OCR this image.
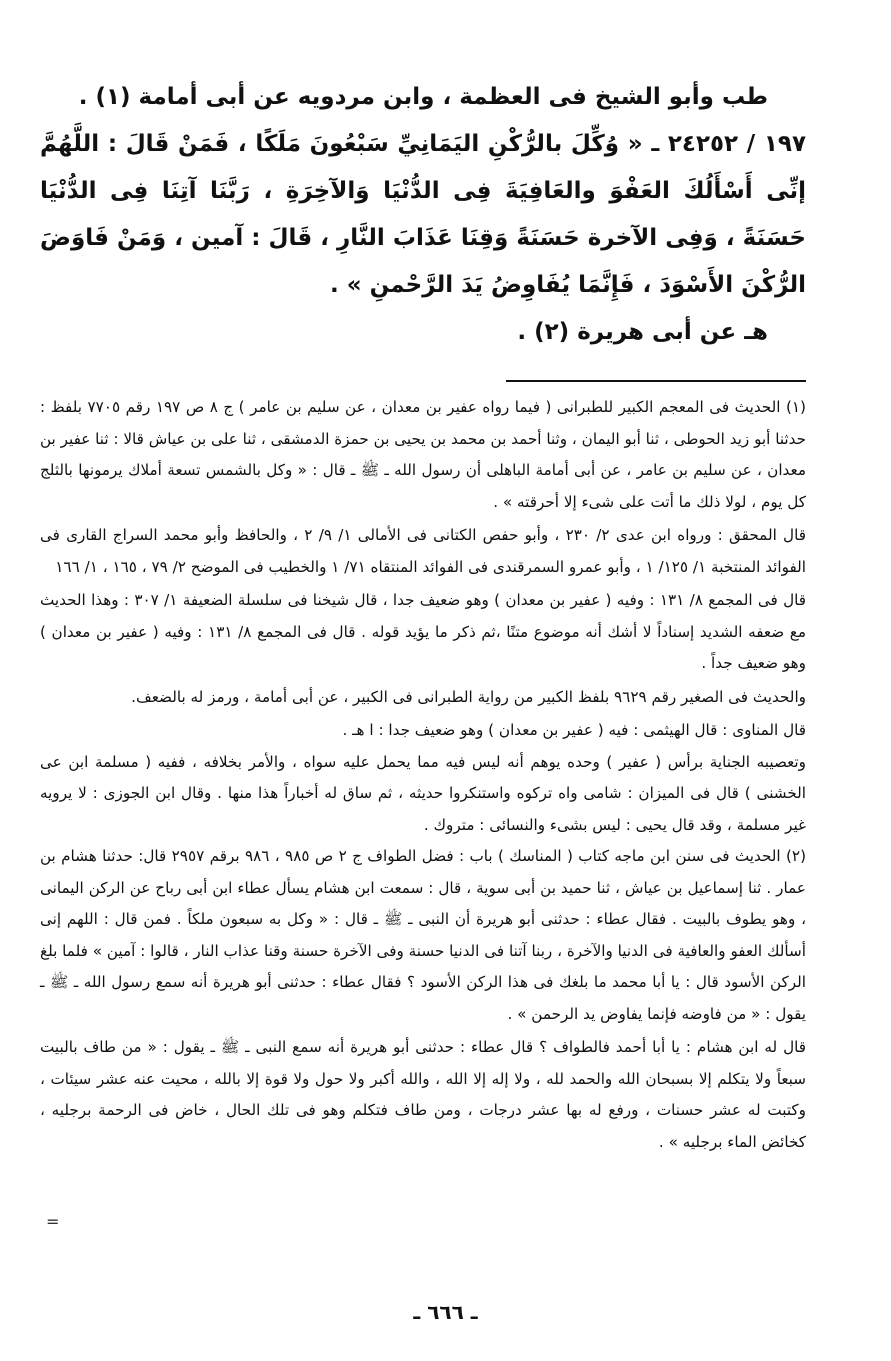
طب وأبو الشيخ فى العظمة ، وابن مردويه عن أبى أمامة (١) .

١٩٧ / ٢٤٢٥٢ ـ « وُكِّلَ بالرُّكْنِ اليَمَانِيِّ سَبْعُونَ مَلَكًا ، فَمَنْ قَالَ : اللَّهُمَّ إنِّى أَسْأَلُكَ العَفْوَ والعَافِيَةَ فِى الدُّنْيَا وَالآخِرَةِ ، رَبَّنَا آتِنَا فِى الدُّنْيَا حَسَنَةً ، وَفِى الآخرة حَسَنَةً وَقِنَا عَذَابَ النَّارِ ، قَالَ : آمين ، وَمَنْ فَاوَضَ الرُّكْنَ الأَسْوَدَ ، فَإِنَّمَا يُفَاوِضُ يَدَ الرَّحْمنِ » .

هـ عن أبى هريرة (٢) .

(١) الحديث فى المعجم الكبير للطبرانى ( فيما رواه عفير بن معدان ، عن سليم بن عامر ) ج ٨ ص ١٩٧ رقم ٧٧٠٥ بلفظ : حدثنا أبو زيد الحوطى ، ثنا أبو اليمان ، وثنا أحمد بن محمد بن يحيى بن حمزة الدمشقى ، ثنا على بن عياش قالا : ثنا عفير بن معدان ، عن سليم بن عامر ، عن أبى أمامة الباهلى أن رسول الله ـ ﷺ ـ قال : « وكل بالشمس تسعة أملاك يرمونها بالثلج كل يوم ، لولا ذلك ما أتت على شىء إلا أحرقته » .

قال المحقق : ورواه ابن عدى ٢/ ٢٣٠ ، وأبو حفص الكتانى فى الأمالى ١/ ٩/ ٢ ، والحافظ وأبو محمد السراج القارى فى الفوائد المنتخبة ١/ ١٢٥/ ١ ، وأبو عمرو السمرقندى فى الفوائد المنتقاه ٧١/ ١ والخطيب فى الموضح ٢/ ٧٩ ، ١٦٥ ، ١/ ١٦٦

قال فى المجمع ٨/ ١٣١ : وفيه ( عفير بن معدان ) وهو ضعيف جدا ، قال شيخنا فى سلسلة الضعيفة ١/ ٣٠٧ : وهذا الحديث مع ضعفه الشديد إسناداً لا أشك أنه موضوع متنًا ،ثم ذكر ما يؤيد قوله . قال فى المجمع ٨/ ١٣١ : وفيه ( عفير بن معدان ) وهو ضعيف جداً .

والحديث فى الصغير رقم ٩٦٢٩ بلفظ الكبير من رواية الطبرانى فى الكبير ، عن أبى أمامة ، ورمز له بالضعف.

قال المناوى : قال الهيثمى : فيه ( عفير بن معدان ) وهو ضعيف جدا : ا هـ .

وتعصيبه الجناية برأس ( عفير ) وحده يوهم أنه ليس فيه مما يحمل عليه سواه ، والأمر بخلافه ، ففيه ( مسلمة ابن عى الخشنى ) قال فى الميزان : شامى واه تركوه واستنكروا حديثه ، ثم ساق له أخباراً هذا منها . وقال ابن الجوزى : لا يرويه غير مسلمة ، وقد قال يحيى : ليس بشىء والنسائى : متروك .

(٢) الحديث فى سنن ابن ماجه كتاب ( المناسك ) باب : فضل الطواف ج ٢ ص ٩٨٥ ، ٩٨٦ برقم ٢٩٥٧ قال: حدثنا هشام بن عمار . ثنا إسماعيل بن عياش ، ثنا حميد بن أبى سوية ، قال : سمعت ابن هشام يسأل عطاء ابن أبى رباح عن الركن اليمانى ، وهو يطوف بالبيت . فقال عطاء : حدثنى أبو هريرة أن النبى ـ ﷺ ـ قال : « وكل به سبعون ملكاً . فمن قال : اللهم إنى أسألك العفو والعافية فى الدنيا والآخرة ، ربنا آتنا فى الدنيا حسنة وفى الآخرة حسنة وقنا عذاب النار ، قالوا : آمين » فلما بلغ الركن الأسود قال : يا أبا محمد ما بلغك فى هذا الركن الأسود ؟ فقال عطاء : حدثنى أبو هريرة أنه سمع رسول الله ـ ﷺ ـ يقول : « من فاوضه فإنما يفاوض يد الرحمن » .

قال له ابن هشام : يا أبا أحمد فالطواف ؟ قال عطاء : حدثنى أبو هريرة أنه سمع النبى ـ ﷺ ـ يقول : « من طاف بالبيت سبعاً ولا يتكلم إلا بسبحان الله والحمد لله ، ولا إله إلا الله ، والله أكبر ولا حول ولا قوة إلا بالله ، محيت عنه عشر سيئات ، وكتبت له عشر حسنات ، ورفع له بها عشر درجات ، ومن طاف فتكلم وهو فى تلك الحال ، خاض فى الرحمة برجليه ، كخائض الماء برجليه » .

=
ـ ٦٦٦ ـ
